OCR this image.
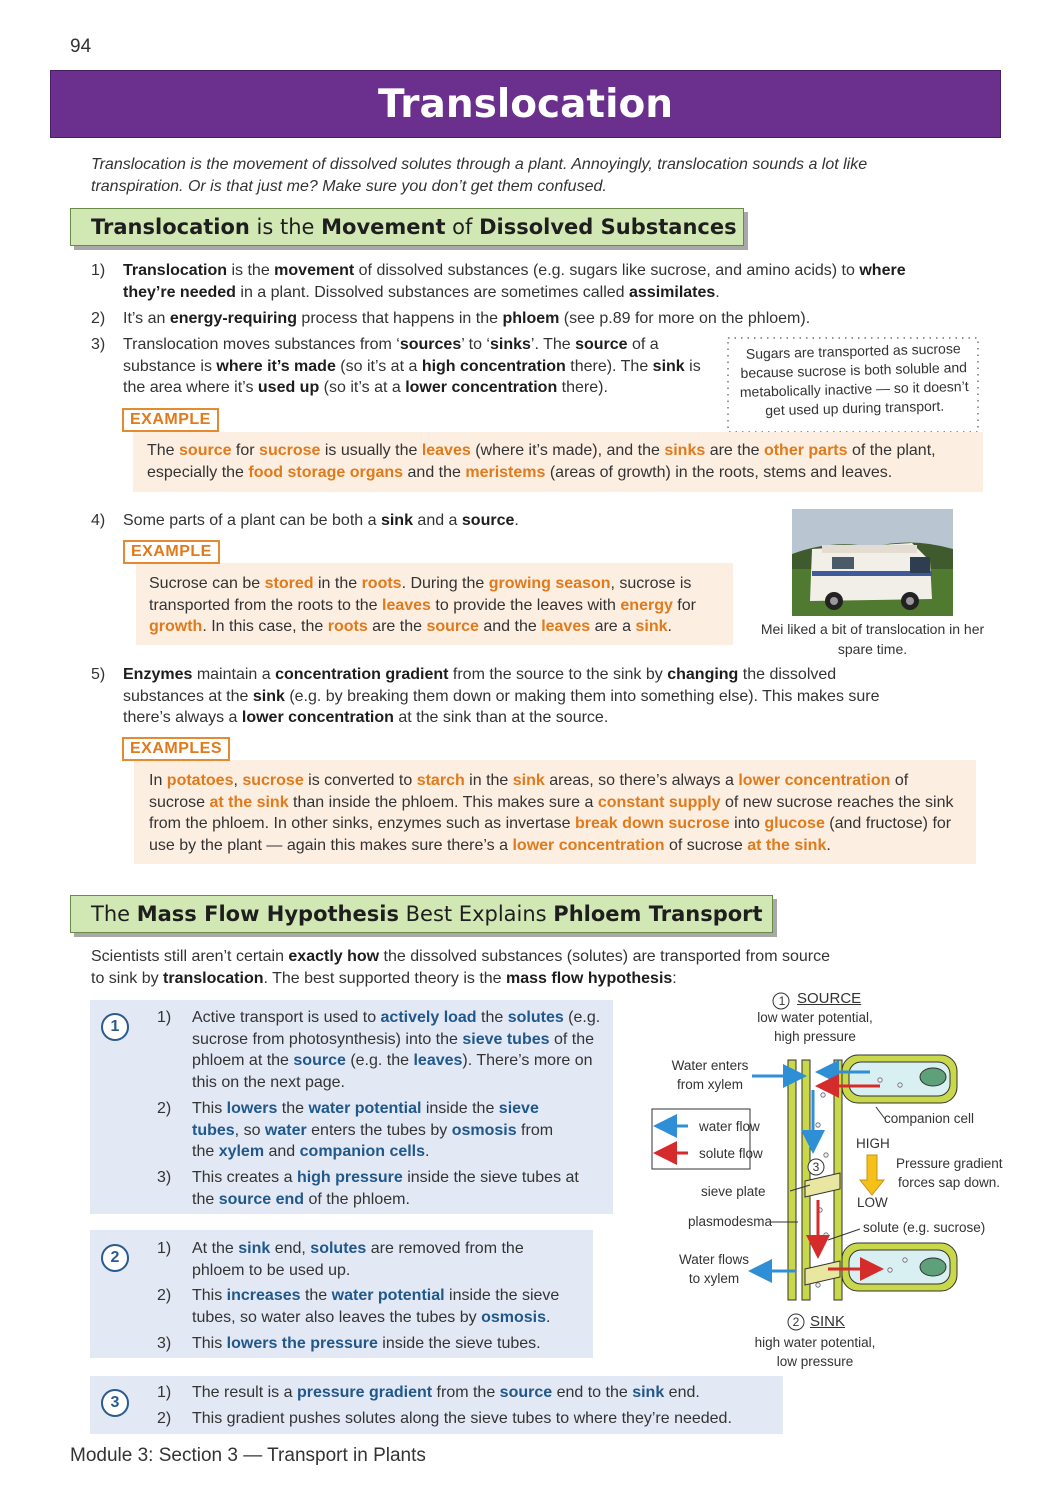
94
Translocation
Translocation is the movement of dissolved solutes through a plant. Annoyingly, translocation sounds a lot like transpiration. Or is that just me? Make sure you don’t get them confused.
Translocation is the Movement of Dissolved Substances
1)	Translocation is the movement of dissolved substances (e.g. sugars like sucrose, and amino acids) to where they’re needed in a plant. Dissolved substances are sometimes called assimilates.
2)	It’s an energy-requiring process that happens in the phloem (see p.89 for more on the phloem).
3)	Translocation moves substances from ‘sources’ to ‘sinks’. The source of a substance is where it’s made (so it’s at a high concentration there). The sink is the area where it’s used up (so it’s at a lower concentration there).
Sugars are transported as sucrose because sucrose is both soluble and metabolically inactive — so it doesn’t get used up during transport.
The source for sucrose is usually the leaves (where it’s made), and the sinks are the other parts of the plant, especially the food storage organs and the meristems (areas of growth) in the roots, stems and leaves.
EXAMPLE
4)	Some parts of a plant can be both a sink and a source.
Sucrose can be stored in the roots. During the growing season, sucrose is transported from the roots to the leaves to provide the leaves with energy for growth. In this case, the roots are the source and the leaves are a sink.
EXAMPLE
Mei liked a bit of translocation in her spare time.
5)	Enzymes maintain a concentration gradient from the source to the sink by changing the dissolved substances at the sink (e.g. by breaking them down or making them into something else). This makes sure there’s always a lower concentration at the sink than at the source.
In potatoes, sucrose is converted to starch in the sink areas, so there’s always a lower concentration of sucrose at the sink than inside the phloem. This makes sure a constant supply of new sucrose reaches the sink from the phloem. In other sinks, enzymes such as invertase break down sucrose into glucose (and fructose) for use by the plant — again this makes sure there’s a lower concentration of sucrose at the sink.
EXAMPLES
The Mass Flow Hypothesis Best Explains Phloem Transport
Scientists still aren’t certain exactly how the dissolved substances (solutes) are transported from source to sink by translocation. The best supported theory is the mass flow hypothesis:
1
1) Active transport is used to actively load the solutes (e.g. sucrose from photosynthesis) into the sieve tubes of the phloem at the source (e.g. the leaves). There’s more on this on the next page.
2) This lowers the water potential inside the sieve tubes, so water enters the tubes by osmosis from the xylem and companion cells.
3) This creates a high pressure inside the sieve tubes at the source end of the phloem.
2
1) At the sink end, solutes are removed from the phloem to be used up.
2) This increases the water potential inside the sieve tubes, so water also leaves the tubes by osmosis.
3) This lowers the pressure inside the sieve tubes.
3
1) The result is a pressure gradient from the source end to the sink end.
2) This gradient pushes solutes along the sieve tubes to where they’re needed.
1 SOURCE
low water potential,
high pressure
Water enters
from xylem
water flow
solute flow
companion cell
HIGH
Pressure gradient
forces sap down.
LOW
sieve plate
plasmodesma	solute (e.g. sucrose)
Water flows
to xylem
3
2 SINK
high water potential,
low pressure
Module 3: Section 3 — Transport in Plants
